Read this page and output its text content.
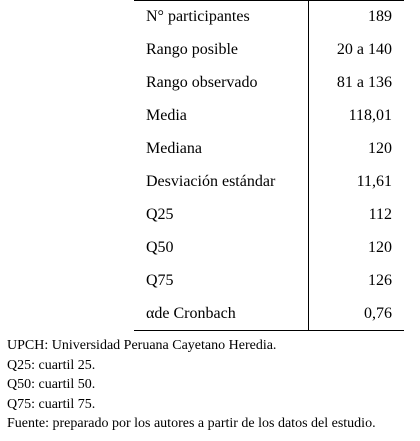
N° participantes	189
Rango posible	20 a 140
Rango observado	81 a 136
Media	118,01
Mediana	120
Desviación estándar	11,61
Q25	112
Q50	120
Q75	126
αde Cronbach	0,76
UPCH: Universidad Peruana Cayetano Heredia.
Q25: cuartil 25.
Q50: cuartil 50.
Q75: cuartil 75.
Fuente: preparado por los autores a partir de los datos del estudio.
